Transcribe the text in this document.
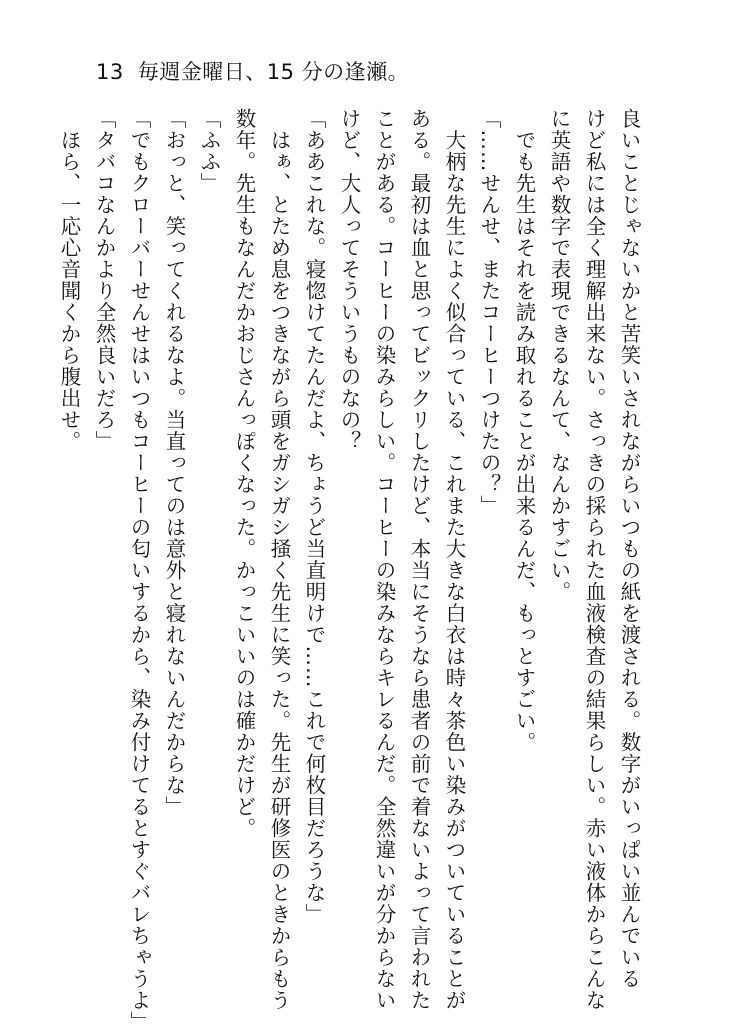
13 毎週金曜日、15 分の逢瀬。
良いことじゃないかと苦笑いされながらいつもの紙を渡される。数字がいっぱい並んでいる
けど私には全く理解出来ない。さっきの採られた血液検査の結果らしい。赤い液体からこんな
に英語や数字で表現できるなんて、なんかすごい。
　でも先生はそれを読み取れることが出来るんだ、もっとすごい。
「……せんせ、またコーヒーつけたの？」
　大柄な先生によく似合っている、これまた大きな白衣は時々茶色い染みがついていることが
ある。最初は血と思ってビックリしたけど、本当にそうなら患者の前で着ないよって言われた
ことがある。コーヒーの染みらしい。コーヒーの染みならキレるんだ。全然違いが分からない
けど、大人ってそういうものなの？
「ああこれな。寝惚けてたんだよ、ちょうど当直明けで……これで何枚目だろうな」
　はぁ、とため息をつきながら頭をガシガシ掻く先生に笑った。先生が研修医のときからもう
数年。先生もなんだかおじさんっぽくなった。かっこいいのは確かだけど。
「ふふ」
「おっと、笑ってくれるなよ。当直ってのは意外と寝れないんだからな」
「でもクローバーせんせはいつもコーヒーの匂いするから、染み付けてるとすぐバレちゃうよ」
「タバコなんかより全然良いだろ」
　ほら、一応心音聞くから腹出せ。
